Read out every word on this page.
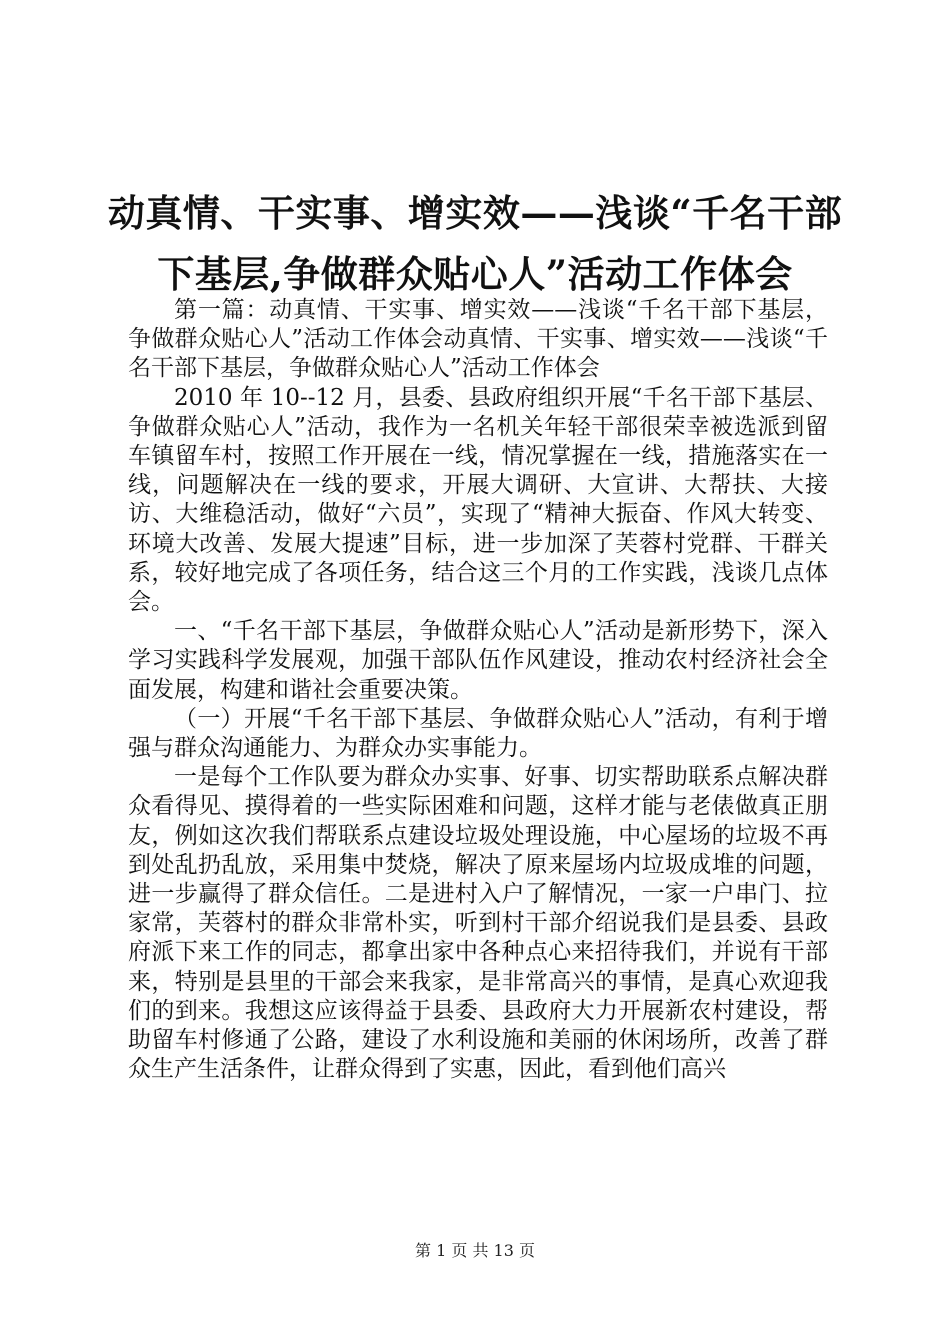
动真情、干实事、增实效——浅谈“千名干部
下基层,争做群众贴心人”活动工作体会

第一篇：动真情、干实事、增实效——浅谈“千名干部下基层，争做群众贴心人”活动工作体会动真情、干实事、增实效——浅谈“千名干部下基层，争做群众贴心人”活动工作体会

2010 年 10--12 月，县委、县政府组织开展“千名干部下基层、争做群众贴心人”活动，我作为一名机关年轻干部很荣幸被选派到留车镇留车村，按照工作开展在一线，情况掌握在一线，措施落实在一线，问题解决在一线的要求，开展大调研、大宣讲、大帮扶、大接访、大维稳活动，做好“六员”，实现了“精神大振奋、作风大转变、环境大改善、发展大提速”目标，进一步加深了芙蓉村党群、干群关系，较好地完成了各项任务，结合这三个月的工作实践，浅谈几点体会。

一、“千名干部下基层，争做群众贴心人”活动是新形势下，深入学习实践科学发展观，加强干部队伍作风建设，推动农村经济社会全面发展，构建和谐社会重要决策。

（一）开展“千名干部下基层、争做群众贴心人”活动，有利于增强与群众沟通能力、为群众办实事能力。

一是每个工作队要为群众办实事、好事、切实帮助联系点解决群众看得见、摸得着的一些实际困难和问题，这样才能与老俵做真正朋友，例如这次我们帮联系点建设垃圾处理设施，中心屋场的垃圾不再到处乱扔乱放，采用集中焚烧，解决了原来屋场内垃圾成堆的问题，进一步赢得了群众信任。二是进村入户了解情况，一家一户串门、拉家常，芙蓉村的群众非常朴实，听到村干部介绍说我们是县委、县政府派下来工作的同志，都拿出家中各种点心来招待我们，并说有干部来，特别是县里的干部会来我家，是非常高兴的事情，是真心欢迎我们的到来。我想这应该得益于县委、县政府大力开展新农村建设，帮助留车村修通了公路，建设了水利设施和美丽的休闲场所，改善了群众生产生活条件，让群众得到了实惠，因此，看到他们高兴

第 1 页 共 13 页
